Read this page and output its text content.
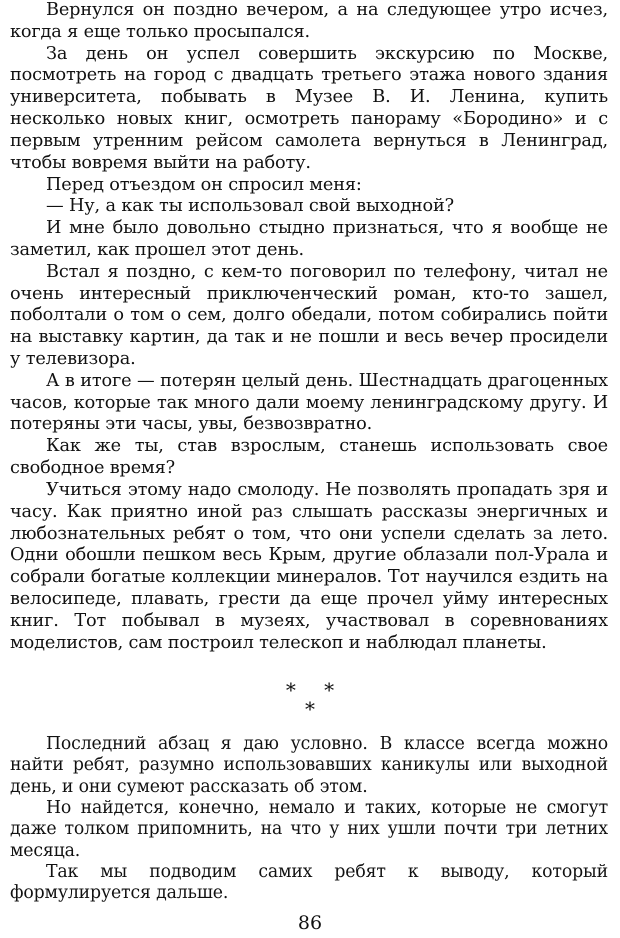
Вернулся он поздно вечером, а на следующее утро исчез, когда я еще только просыпался.

За день он успел совершить экскурсию по Москве, посмотреть на город с двадцать третьего этажа нового здания университета, побывать в Музее В. И. Ленина, купить несколько новых книг, осмотреть панораму «Бородино» и с первым утренним рейсом самолета вернуться в Ленинград, чтобы вовремя выйти на работу.

Перед отъездом он спросил меня:

— Ну, а как ты использовал свой выходной?

И мне было довольно стыдно признаться, что я вообще не заметил, как прошел этот день.

Встал я поздно, с кем-то поговорил по телефону, читал не очень интересный приключенческий роман, кто-то зашел, поболтали о том о сем, долго обедали, потом собирались пойти на выставку картин, да так и не пошли и весь вечер просидели у телевизора.

А в итоге — потерян целый день. Шестнадцать драгоценных часов, которые так много дали моему ленинградскому другу. И потеряны эти часы, увы, безвозвратно.

Как же ты, став взрослым, станешь использовать свое свободное время?

Учиться этому надо смолоду. Не позволять пропадать зря и часу. Как приятно иной раз слышать рассказы энергичных и любознательных ребят о том, что они успели сделать за лето. Одни обошли пешком весь Крым, другие облазали пол-Урала и собрали богатые коллекции минералов. Тот научился ездить на велосипеде, плавать, грести да еще прочел уйму интересных книг. Тот побывал в музеях, участвовал в соревнованиях моделистов, сам построил телескоп и наблюдал планеты.

* *
*

Последний абзац я даю условно. В классе всегда можно найти ребят, разумно использовавших каникулы или выходной день, и они сумеют рассказать об этом.

Но найдется, конечно, немало и таких, которые не смогут даже толком припомнить, на что у них ушли почти три летних месяца.

Так мы подводим самих ребят к выводу, который формулируется дальше.

86
